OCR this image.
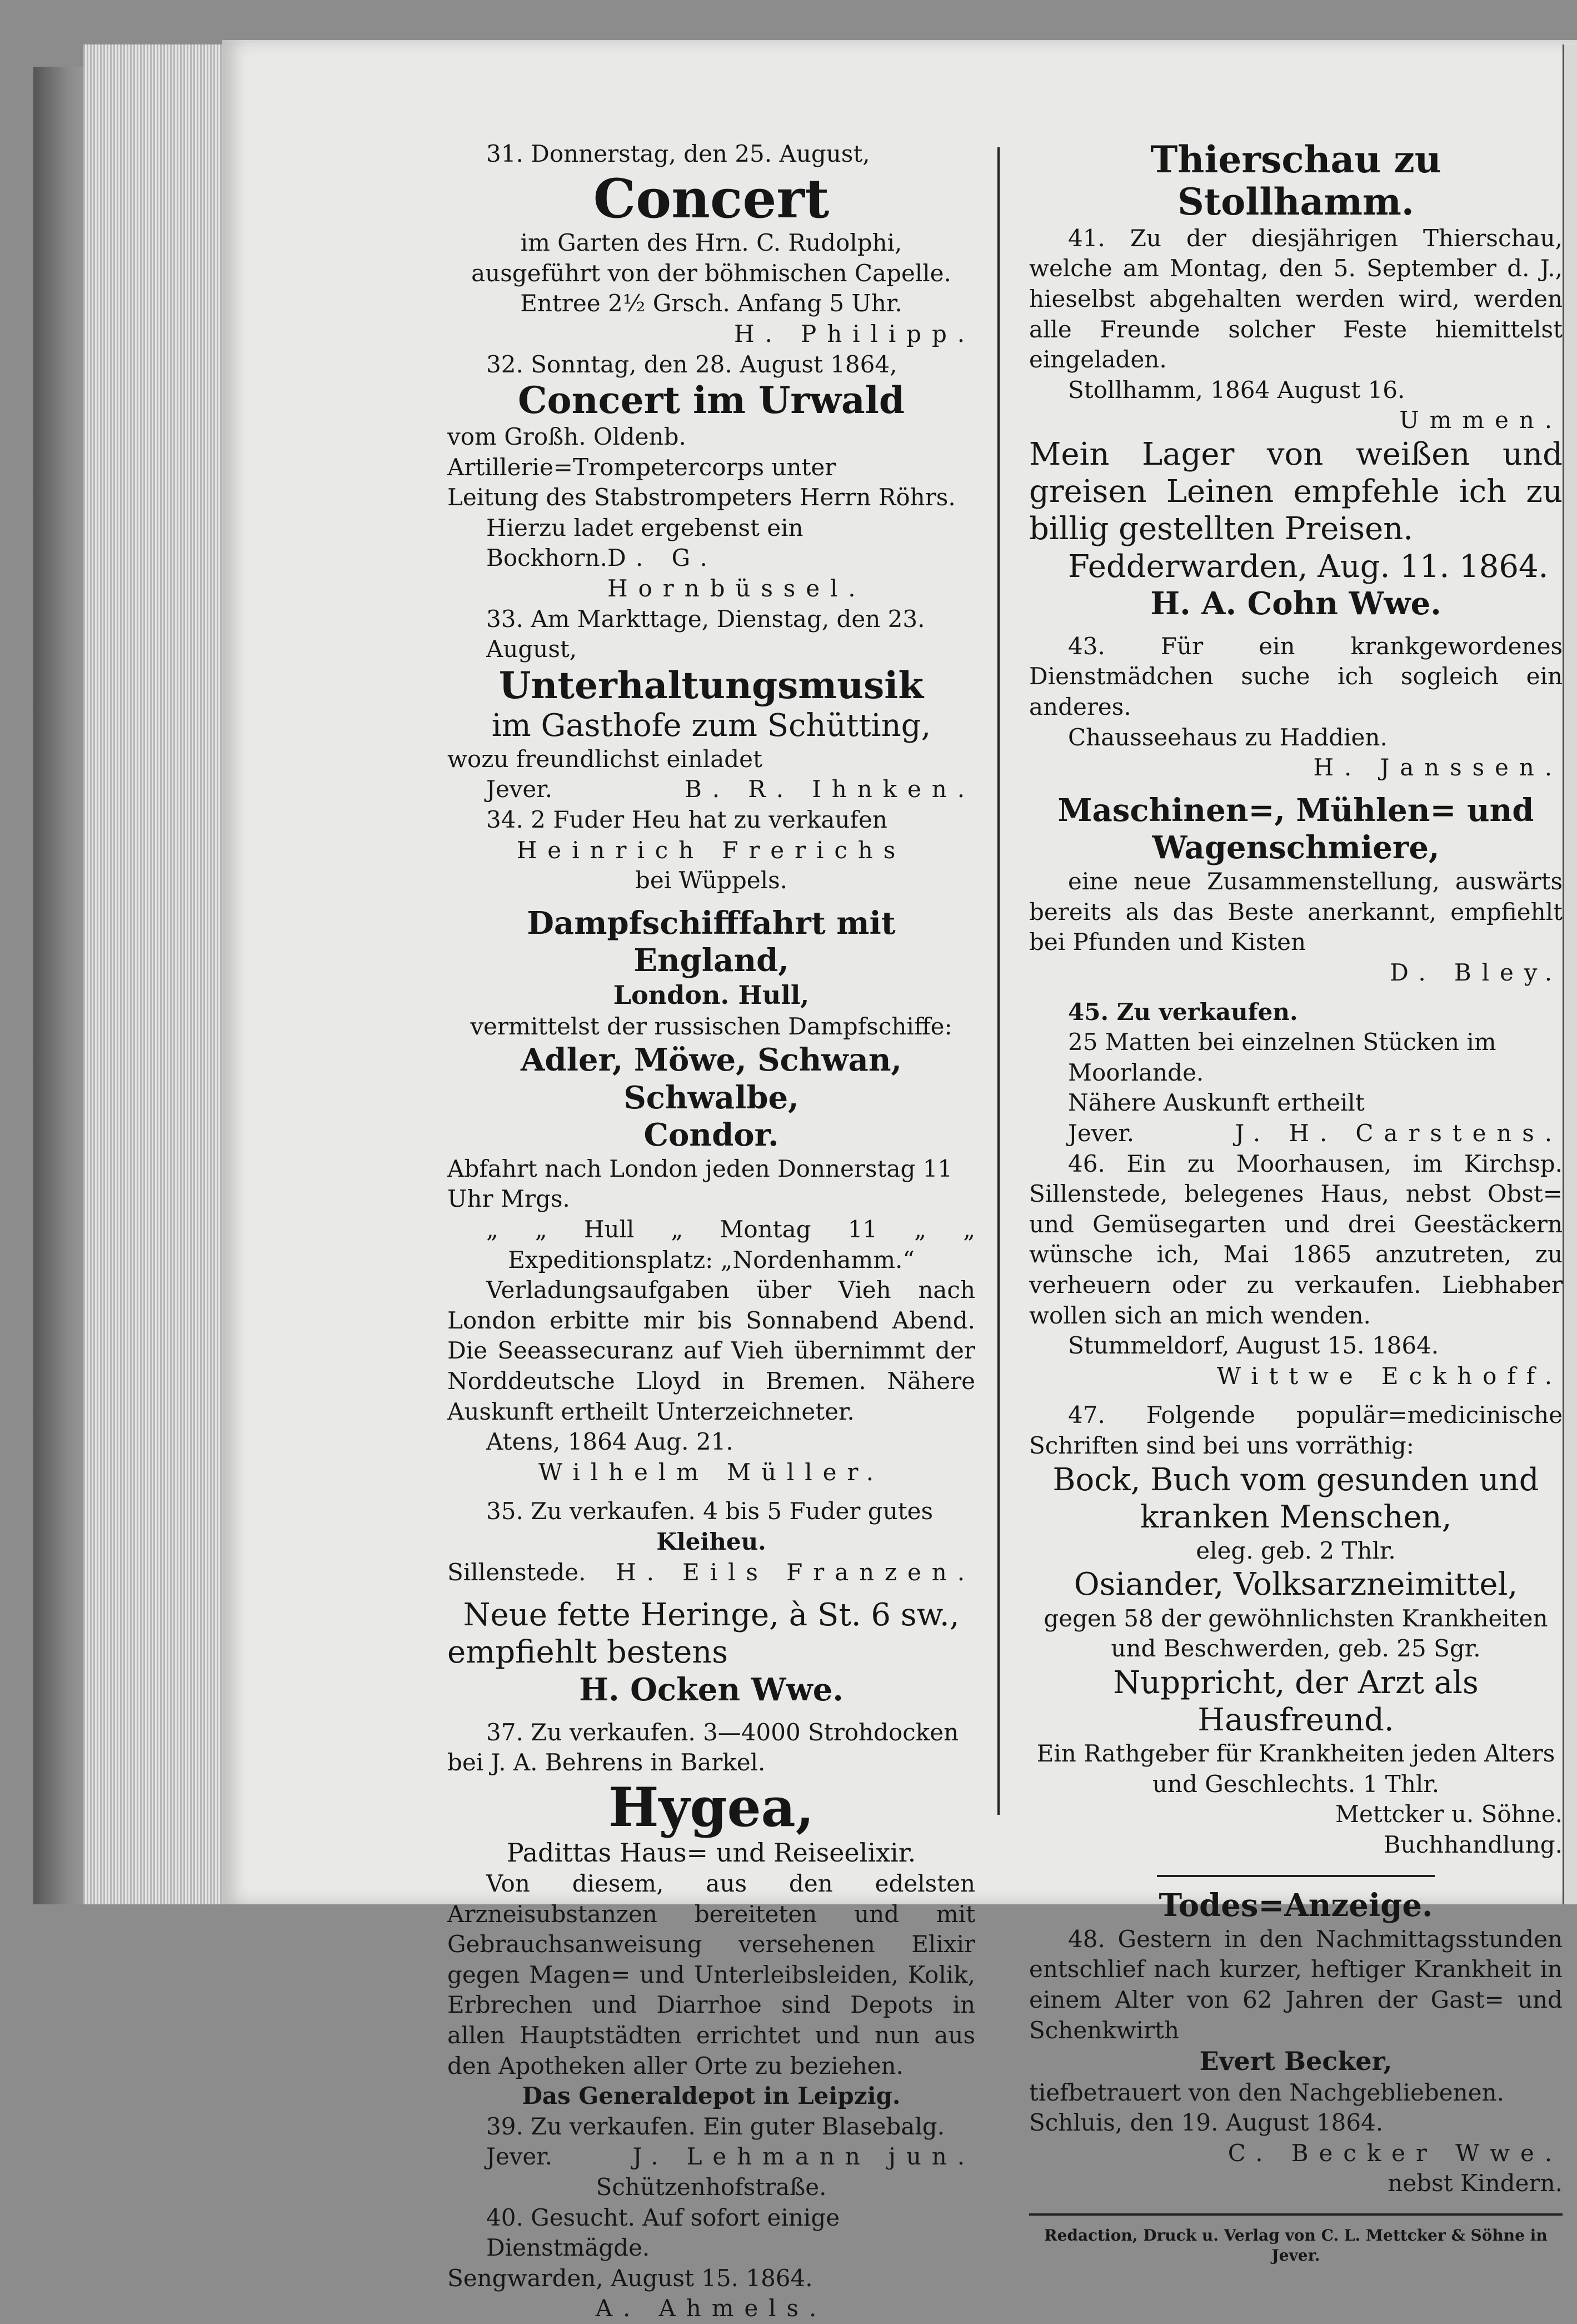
31. Donnerstag, den 25. August,

Concert

im Garten des Hrn. C. Rudolphi,

ausgeführt von der böhmischen Capelle.

Entree 2½ Grsch. Anfang 5 Uhr.

H. Philipp.

32. Sonntag, den 28. August 1864,

Concert im Urwald

vom Großh. Oldenb. Artillerie=Trompetercorps unter

Leitung des Stabstrompeters Herrn Röhrs.

Hierzu ladet ergebenst ein

Bockhorn. D. G. Hornbüssel.

33. Am Markttage, Dienstag, den 23. August,

Unterhaltungsmusik

im Gasthofe zum Schütting,

wozu freundlichst einladet

Jever.	B. R. Ihnken.

34. 2 Fuder Heu hat zu verkaufen

Heinrich Frerichs

bei Wüppels.

Dampfschifffahrt mit England,

London. Hull,

vermittelst der russischen Dampfschiffe:

Adler, Möwe, Schwan, Schwalbe,

Condor.

Abfahrt nach London jeden Donnerstag 11 Uhr Mrgs.

„ „ Hull „ Montag 11 „ „

Expeditionsplatz: „Nordenhamm.“

Verladungsaufgaben über Vieh nach London erbitte mir bis Sonnabend Abend. Die Seeassecuranz auf Vieh übernimmt der Norddeutsche Lloyd in Bremen. Nähere Auskunft ertheilt Unterzeichneter.

Atens, 1864 Aug. 21.

Wilhelm Müller.

35. Zu verkaufen. 4 bis 5 Fuder gutes

Kleiheu.

Sillenstede. H. Eils Franzen.

Neue fette Heringe, à St. 6 sw.,

empfiehlt bestens

H. Ocken Wwe.

37. Zu verkaufen. 3—4000 Strohdocken

bei J. A. Behrens in Barkel.

Hygea,

Padittas Haus= und Reiseelixir.

Von diesem, aus den edelsten Arzneisubstanzen bereiteten und mit Gebrauchsanweisung versehenen Elixir gegen Magen= und Unterleibsleiden, Kolik, Erbrechen und Diarrhoe sind Depots in allen Hauptstädten errichtet und nun aus den Apotheken aller Orte zu beziehen.

Das Generaldepot in Leipzig.

39. Zu verkaufen. Ein guter Blasebalg.

Jever.	J. Lehmann jun.

Schützenhofstraße.

40. Gesucht. Auf sofort einige Dienstmägde.

Sengwarden, August 15. 1864.

A. Ahmels.

Thierschau zu Stollhamm.

41. Zu der diesjährigen Thierschau, welche am Montag, den 5. September d. J., hieselbst abgehalten werden wird, werden alle Freunde solcher Feste hiemittelst eingeladen.

Stollhamm, 1864 August 16.

Ummen.

Mein Lager von weißen und greisen Leinen empfehle ich zu billig gestellten Preisen.

Fedderwarden, Aug. 11. 1864.

H. A. Cohn Wwe.

43. Für ein krankgewordenes Dienstmädchen suche ich sogleich ein anderes.

Chausseehaus zu Haddien.

H. Janssen.

Maschinen=, Mühlen= und Wagenschmiere,

eine neue Zusammenstellung, auswärts bereits als das Beste anerkannt, empfiehlt bei Pfunden und Kisten

D. Bley.

45. Zu verkaufen.

25 Matten bei einzelnen Stücken im Moorlande.

Nähere Auskunft ertheilt

Jever.	J. H. Carstens.

46. Ein zu Moorhausen, im Kirchsp. Sillenstede, belegenes Haus, nebst Obst= und Gemüsegarten und drei Geestäckern wünsche ich, Mai 1865 anzutreten, zu verheuern oder zu verkaufen. Liebhaber wollen sich an mich wenden.

Stummeldorf, August 15. 1864.

Wittwe Eckhoff.

47. Folgende populär=medicinische Schriften sind bei uns vorräthig:

Bock, Buch vom gesunden und kranken Menschen,

eleg. geb. 2 Thlr.

Osiander, Volksarzneimittel,

gegen 58 der gewöhnlichsten Krankheiten und Beschwerden, geb. 25 Sgr.

Nuppricht, der Arzt als Hausfreund.

Ein Rathgeber für Krankheiten jeden Alters und Geschlechts. 1 Thlr.

Mettcker u. Söhne.

Buchhandlung.

Todes=Anzeige.

48. Gestern in den Nachmittagsstunden entschlief nach kurzer, heftiger Krankheit in einem Alter von 62 Jahren der Gast= und Schenkwirth

Evert Becker,

tiefbetrauert von den Nachgebliebenen.

Schluis, den 19. August 1864.

C. Becker Wwe.

nebst Kindern.

Redaction, Druck u. Verlag von C. L. Mettcker & Söhne in Jever.
